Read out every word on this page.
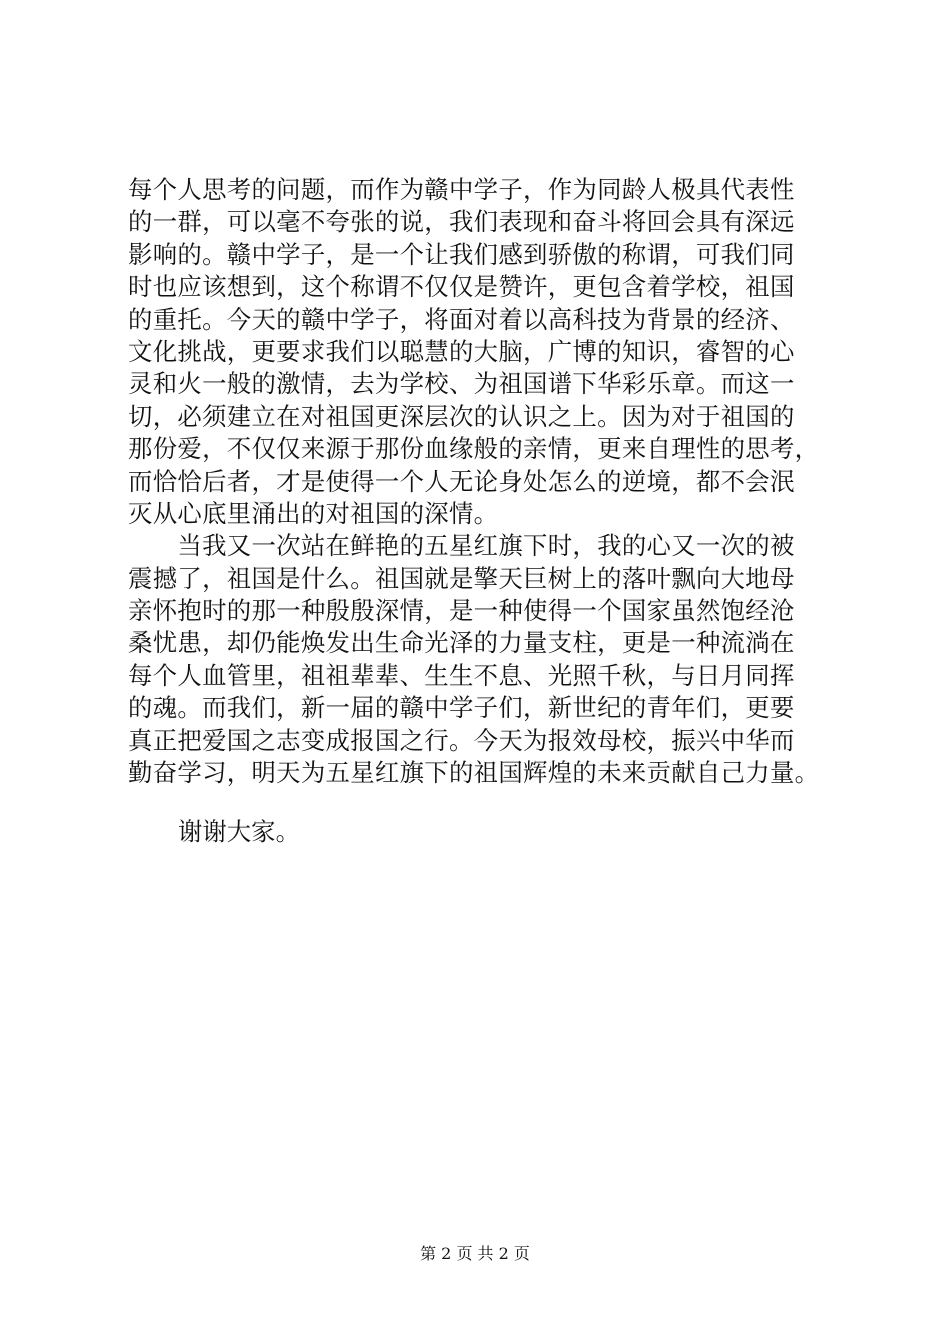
每个人思考的问题，而作为赣中学子，作为同龄人极具代表性
的一群，可以毫不夸张的说，我们表现和奋斗将回会具有深远
影响的。赣中学子，是一个让我们感到骄傲的称谓，可我们同
时也应该想到，这个称谓不仅仅是赞许，更包含着学校，祖国
的重托。今天的赣中学子，将面对着以高科技为背景的经济、
文化挑战，更要求我们以聪慧的大脑，广博的知识，睿智的心
灵和火一般的激情，去为学校、为祖国谱下华彩乐章。而这一
切，必须建立在对祖国更深层次的认识之上。因为对于祖国的
那份爱，不仅仅来源于那份血缘般的亲情，更来自理性的思考，
而恰恰后者，才是使得一个人无论身处怎么的逆境，都不会泯
灭从心底里涌出的对祖国的深情。
　　当我又一次站在鲜艳的五星红旗下时，我的心又一次的被
震撼了，祖国是什么。祖国就是擎天巨树上的落叶飘向大地母
亲怀抱时的那一种殷殷深情，是一种使得一个国家虽然饱经沧
桑忧患，却仍能焕发出生命光泽的力量支柱，更是一种流淌在
每个人血管里，祖祖辈辈、生生不息、光照千秋，与日月同挥
的魂。而我们，新一届的赣中学子们，新世纪的青年们，更要
真正把爱国之志变成报国之行。今天为报效母校，振兴中华而
勤奋学习，明天为五星红旗下的祖国辉煌的未来贡献自己力量。
谢谢大家。
第 2 页 共 2 页
